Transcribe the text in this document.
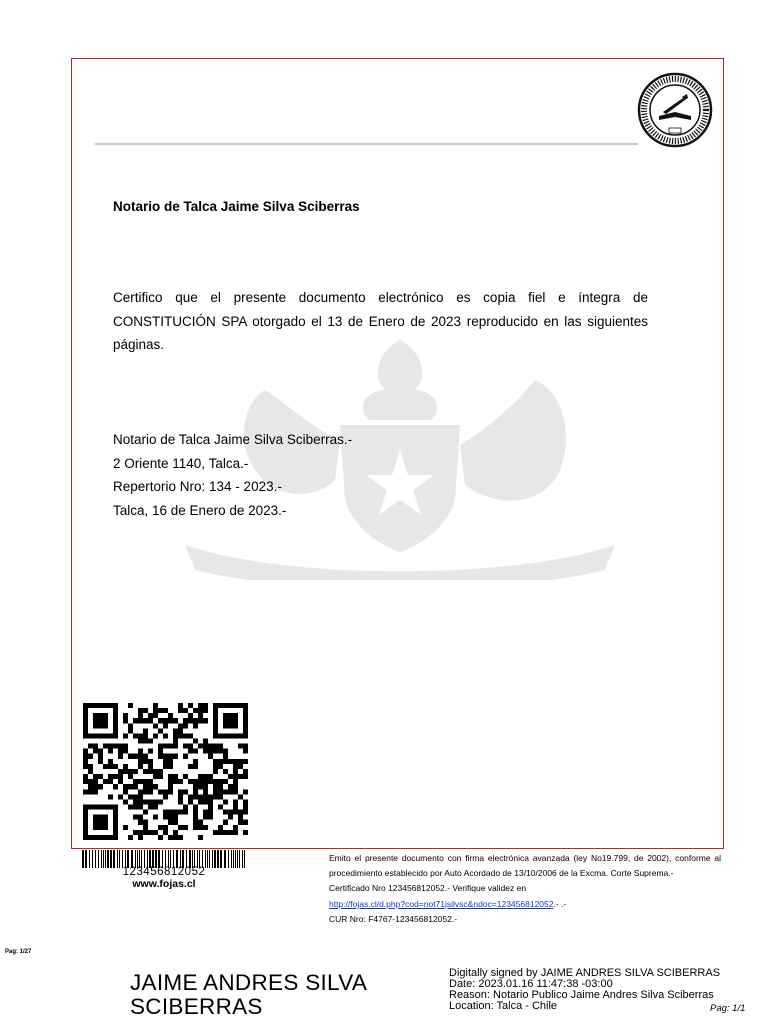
Notario de Talca Jaime Silva Sciberras
Certifico que el presente documento electrónico es copia fiel e íntegra de CONSTITUCIÓN SPA otorgado el 13 de Enero de 2023 reproducido en las siguientes páginas.
Notario de Talca Jaime Silva Sciberras.-
2 Oriente 1140, Talca.-
Repertorio Nro: 134 - 2023.-
Talca, 16 de Enero de 2023.-
123456812052
www.fojas.cl
Emito el presente documento con firma electrónica avanzada (ley No19.799, de 2002), conforme al procedimiento establecido por Auto Acordado de 13/10/2006 de la Excma. Corte Suprema.-
Certificado Nro 123456812052.- Verifique validez en
http://fojas.cl/d.php?cod=not71jsilvsc&ndoc=123456812052.- .-
CUR Nro: F4767-123456812052.-
Pag: 1/27
JAIME ANDRES SILVA
SCIBERRAS
Digitally signed by JAIME ANDRES SILVA SCIBERRAS
Date: 2023.01.16 11:47:38 -03:00
Reason: Notario Publico Jaime Andres Silva Sciberras
Location: Talca - Chile	Pag: 1/1
